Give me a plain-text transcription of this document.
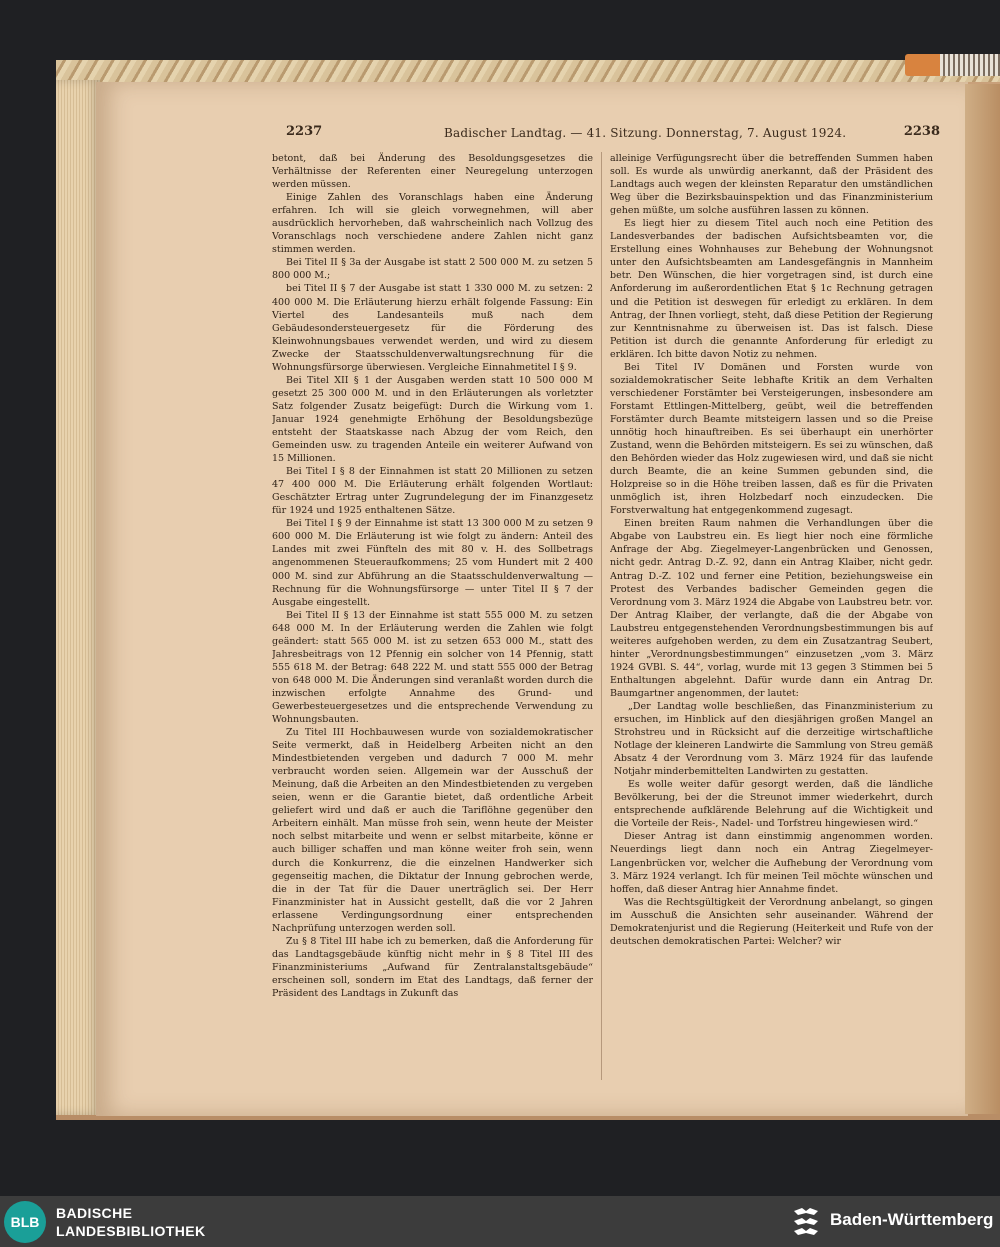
2237	Badischer Landtag. — 41. Sitzung. Donnerstag, 7. August 1924.	2238

betont, daß bei Änderung des Besoldungsgesetzes die Verhältnisse der Referenten einer Neuregelung unterzogen werden müssen.

Einige Zahlen des Voranschlags haben eine Änderung erfahren. Ich will sie gleich vorwegnehmen, will aber ausdrücklich hervorheben, daß wahrscheinlich nach Vollzug des Voranschlags noch verschiedene andere Zahlen nicht ganz stimmen werden.

Bei Titel II § 3a der Ausgabe ist statt 2 500 000 M. zu setzen 5 800 000 M.;

bei Titel II § 7 der Ausgabe ist statt 1 330 000 M. zu setzen: 2 400 000 M. Die Erläuterung hierzu erhält folgende Fassung: Ein Viertel des Landesanteils muß nach dem Gebäudesondersteuergesetz für die Förderung des Kleinwohnungsbaues verwendet werden, und wird zu diesem Zwecke der Staatsschuldenverwaltungsrechnung für die Wohnungsfürsorge überwiesen. Vergleiche Einnahmetitel I § 9.

Bei Titel XII § 1 der Ausgaben werden statt 10 500 000 M gesetzt 25 300 000 M. und in den Erläuterungen als vorletzter Satz folgender Zusatz beigefügt: Durch die Wirkung vom 1. Januar 1924 genehmigte Erhöhung der Besoldungsbezüge entsteht der Staatskasse nach Abzug der vom Reich, den Gemeinden usw. zu tragenden Anteile ein weiterer Aufwand von 15 Millionen.

Bei Titel I § 8 der Einnahmen ist statt 20 Millionen zu setzen 47 400 000 M. Die Erläuterung erhält folgenden Wortlaut: Geschätzter Ertrag unter Zugrundelegung der im Finanzgesetz für 1924 und 1925 enthaltenen Sätze.

Bei Titel I § 9 der Einnahme ist statt 13 300 000 M zu setzen 9 600 000 M. Die Erläuterung ist wie folgt zu ändern: Anteil des Landes mit zwei Fünfteln des mit 80 v. H. des Sollbetrags angenommenen Steueraufkommens; 25 vom Hundert mit 2 400 000 M. sind zur Abführung an die Staatsschuldenverwaltung — Rechnung für die Wohnungsfürsorge — unter Titel II § 7 der Ausgabe eingestellt.

Bei Titel II § 13 der Einnahme ist statt 555 000 M. zu setzen 648 000 M. In der Erläuterung werden die Zahlen wie folgt geändert: statt 565 000 M. ist zu setzen 653 000 M., statt des Jahresbeitrags von 12 Pfennig ein solcher von 14 Pfennig, statt 555 618 M. der Betrag: 648 222 M. und statt 555 000 der Betrag von 648 000 M. Die Änderungen sind veranlaßt worden durch die inzwischen erfolgte Annahme des Grund- und Gewerbesteuergesetzes und die entsprechende Verwendung zu Wohnungsbauten.

Zu Titel III Hochbauwesen wurde von sozialdemokratischer Seite vermerkt, daß in Heidelberg Arbeiten nicht an den Mindestbietenden vergeben und dadurch 7 000 M. mehr verbraucht worden seien. Allgemein war der Ausschuß der Meinung, daß die Arbeiten an den Mindestbietenden zu vergeben seien, wenn er die Garantie bietet, daß ordentliche Arbeit geliefert wird und daß er auch die Tariflöhne gegenüber den Arbeitern einhält. Man müsse froh sein, wenn heute der Meister noch selbst mitarbeite und wenn er selbst mitarbeite, könne er auch billiger schaffen und man könne weiter froh sein, wenn durch die Konkurrenz, die die einzelnen Handwerker sich gegenseitig machen, die Diktatur der Innung gebrochen werde, die in der Tat für die Dauer unerträglich sei. Der Herr Finanzminister hat in Aussicht gestellt, daß die vor 2 Jahren erlassene Verdingungsordnung einer entsprechenden Nachprüfung unterzogen werden soll.

Zu § 8 Titel III habe ich zu bemerken, daß die Anforderung für das Landtagsgebäude künftig nicht mehr in § 8 Titel III des Finanzministeriums „Aufwand für Zentralanstaltsgebäude“ erscheinen soll, sondern im Etat des Landtags, daß ferner der Präsident des Landtags in Zukunft das

alleinige Verfügungsrecht über die betreffenden Summen haben soll. Es wurde als unwürdig anerkannt, daß der Präsident des Landtags auch wegen der kleinsten Reparatur den umständlichen Weg über die Bezirksbauinspektion und das Finanzministerium gehen müßte, um solche ausführen lassen zu können.

Es liegt hier zu diesem Titel auch noch eine Petition des Landesverbandes der badischen Aufsichtsbeamten vor, die Erstellung eines Wohnhauses zur Behebung der Wohnungsnot unter den Aufsichtsbeamten am Landesgefängnis in Mannheim betr. Den Wünschen, die hier vorgetragen sind, ist durch eine Anforderung im außerordentlichen Etat § 1c Rechnung getragen und die Petition ist deswegen für erledigt zu erklären. In dem Antrag, der Ihnen vorliegt, steht, daß diese Petition der Regierung zur Kenntnisnahme zu überweisen ist. Das ist falsch. Diese Petition ist durch die genannte Anforderung für erledigt zu erklären. Ich bitte davon Notiz zu nehmen.

Bei Titel IV Domänen und Forsten wurde von sozialdemokratischer Seite lebhafte Kritik an dem Verhalten verschiedener Forstämter bei Versteigerungen, insbesondere am Forstamt Ettlingen-Mittelberg, geübt, weil die betreffenden Forstämter durch Beamte mitsteigern lassen und so die Preise unnötig hoch hinauftreiben. Es sei überhaupt ein unerhörter Zustand, wenn die Behörden mitsteigern. Es sei zu wünschen, daß den Behörden wieder das Holz zugewiesen wird, und daß sie nicht durch Beamte, die an keine Summen gebunden sind, die Holzpreise so in die Höhe treiben lassen, daß es für die Privaten unmöglich ist, ihren Holzbedarf noch einzudecken. Die Forstverwaltung hat entgegenkommend zugesagt.

Einen breiten Raum nahmen die Verhandlungen über die Abgabe von Laubstreu ein. Es liegt hier noch eine förmliche Anfrage der Abg. Ziegelmeyer-Langenbrücken und Genossen, nicht gedr. Antrag D.-Z. 92, dann ein Antrag Klaiber, nicht gedr. Antrag D.-Z. 102 und ferner eine Petition, beziehungsweise ein Protest des Verbandes badischer Gemeinden gegen die Verordnung vom 3. März 1924 die Abgabe von Laubstreu betr. vor. Der Antrag Klaiber, der verlangte, daß die der Abgabe von Laubstreu entgegenstehenden Verordnungsbestimmungen bis auf weiteres aufgehoben werden, zu dem ein Zusatzantrag Seubert, hinter „Verordnungsbestimmungen“ einzusetzen „vom 3. März 1924 GVBl. S. 44“, vorlag, wurde mit 13 gegen 3 Stimmen bei 5 Enthaltungen abgelehnt. Dafür wurde dann ein Antrag Dr. Baumgartner angenommen, der lautet:

„Der Landtag wolle beschließen, das Finanzministerium zu ersuchen, im Hinblick auf den diesjährigen großen Mangel an Strohstreu und in Rücksicht auf die derzeitige wirtschaftliche Notlage der kleineren Landwirte die Sammlung von Streu gemäß Absatz 4 der Verordnung vom 3. März 1924 für das laufende Notjahr minderbemittelten Landwirten zu gestatten.

Es wolle weiter dafür gesorgt werden, daß die ländliche Bevölkerung, bei der die Streunot immer wiederkehrt, durch entsprechende aufklärende Belehrung auf die Wichtigkeit und die Vorteile der Reis-, Nadel- und Torfstreu hingewiesen wird.“

Dieser Antrag ist dann einstimmig angenommen worden. Neuerdings liegt dann noch ein Antrag Ziegelmeyer-Langenbrücken vor, welcher die Aufhebung der Verordnung vom 3. März 1924 verlangt. Ich für meinen Teil möchte wünschen und hoffen, daß dieser Antrag hier Annahme findet.

Was die Rechtsgültigkeit der Verordnung anbelangt, so gingen im Ausschuß die Ansichten sehr auseinander. Während der Demokratenjurist und die Regierung (Heiterkeit und Rufe von der deutschen demokratischen Partei: Welcher? wir

BLB
BADISCHE
LANDESBIBLIOTHEK
Baden-Württemberg
